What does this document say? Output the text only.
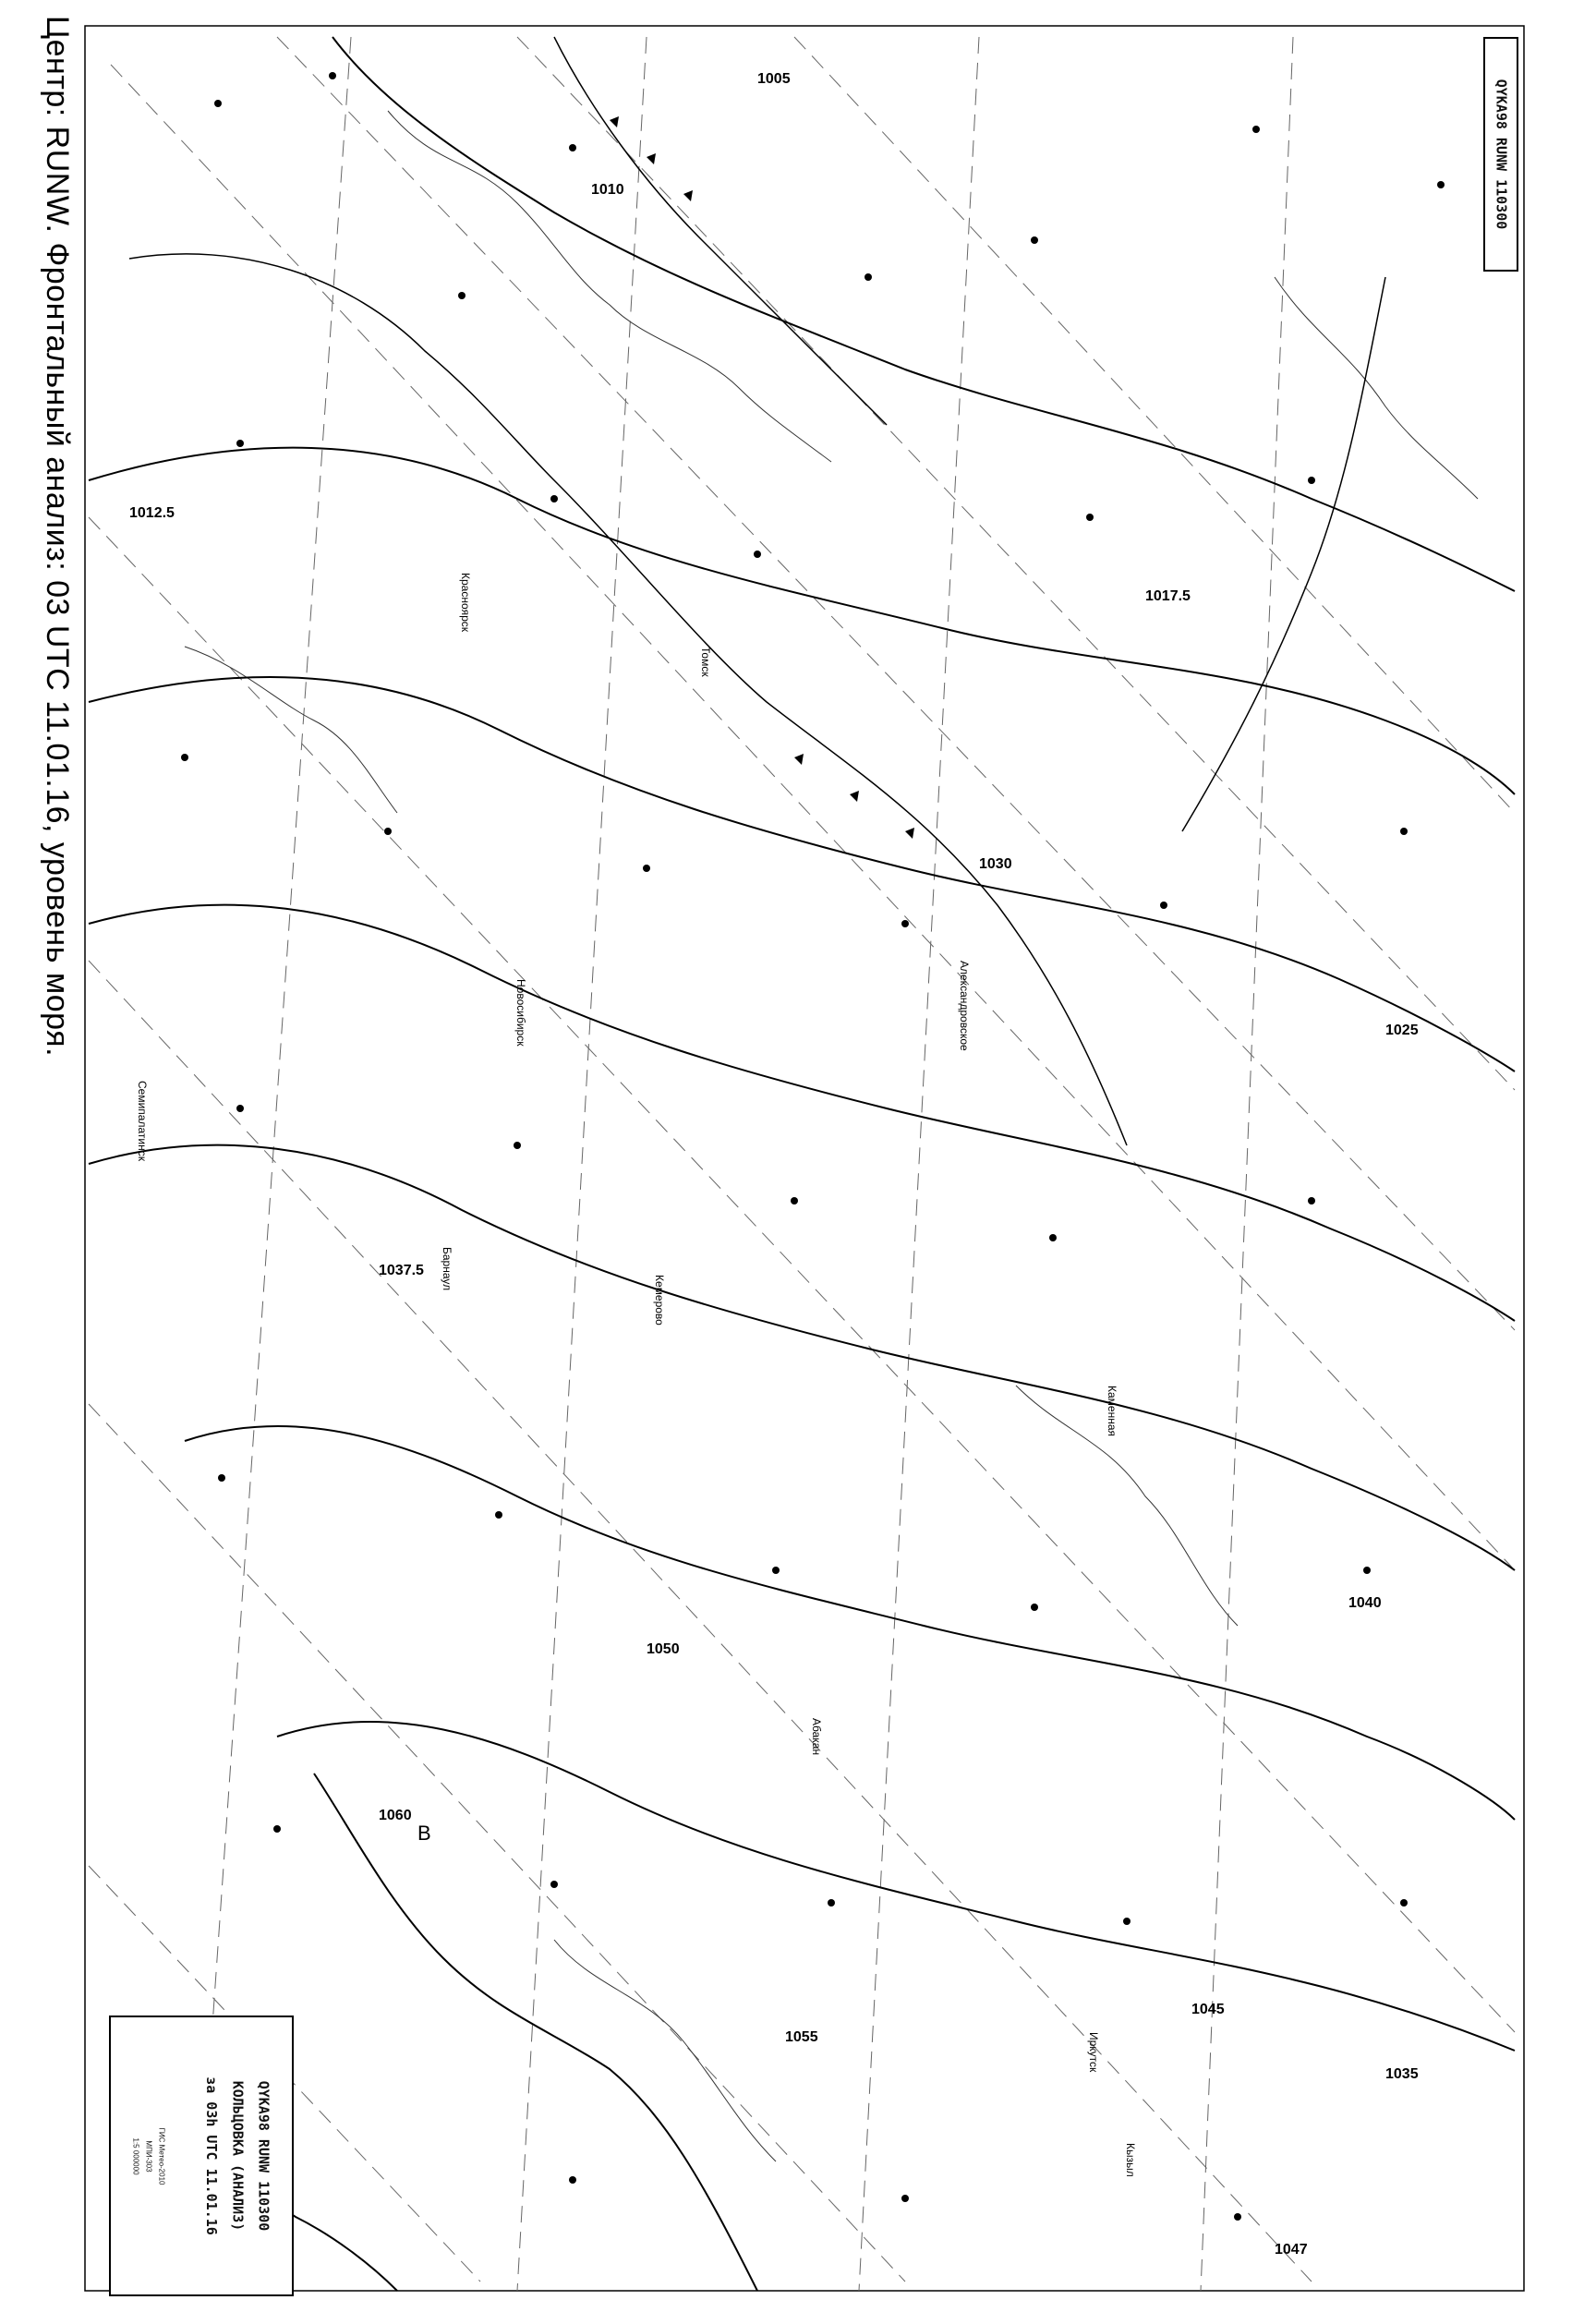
1005
1010
1012.5
1017.5
1025
1030
1035
1037.5
1040
1045
1047
1050
1055
1060
В
Александровское
Каменная
Красноярск
Кемерово
Барнаул
Семипалатинск
Новосибирск
Томск
Абакан
Кызыл
Иркутск
Центр: RUNW. Фронтальный анализ: 03 UTC 11.01.16, уровень моря.	QYKA98 RUNW 110300
QYKA98 RUNW 110300
КОЛЬЦОВКА (АНАЛИЗ)
за 03h UTC 11.01.16
ГИС Метео-2010
МПИ-303
1:5 000000
